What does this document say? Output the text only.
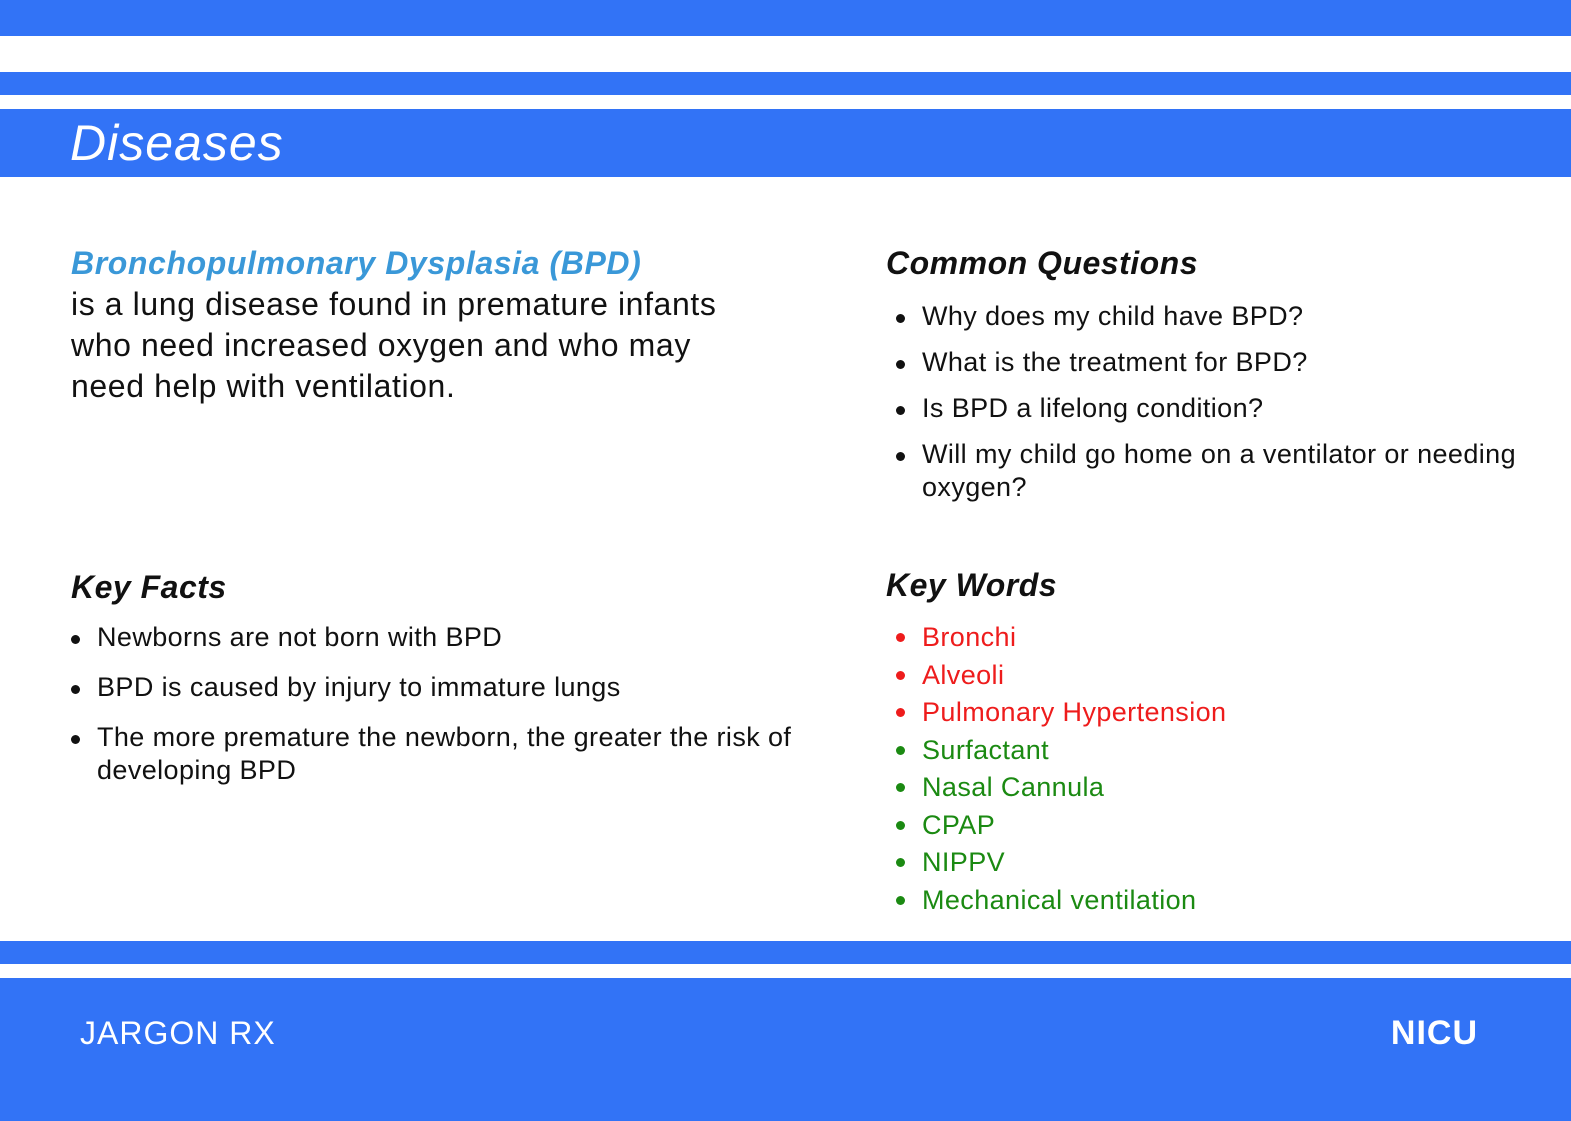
Diseases
Bronchopulmonary Dysplasia (BPD)
is a lung disease found in premature infants who need increased oxygen and who may need help with ventilation.
Common Questions
Why does my child have BPD?
What is the treatment for BPD?
Is BPD a lifelong condition?
Will my child go home on a ventilator or needing oxygen?
Key Facts
Newborns are not born with BPD
BPD is caused by injury to immature lungs
The more premature the newborn, the greater the risk of developing BPD
Key Words
Bronchi
Alveoli
Pulmonary Hypertension
Surfactant
Nasal Cannula
CPAP
NIPPV
Mechanical ventilation
JARGON RX	NICU
